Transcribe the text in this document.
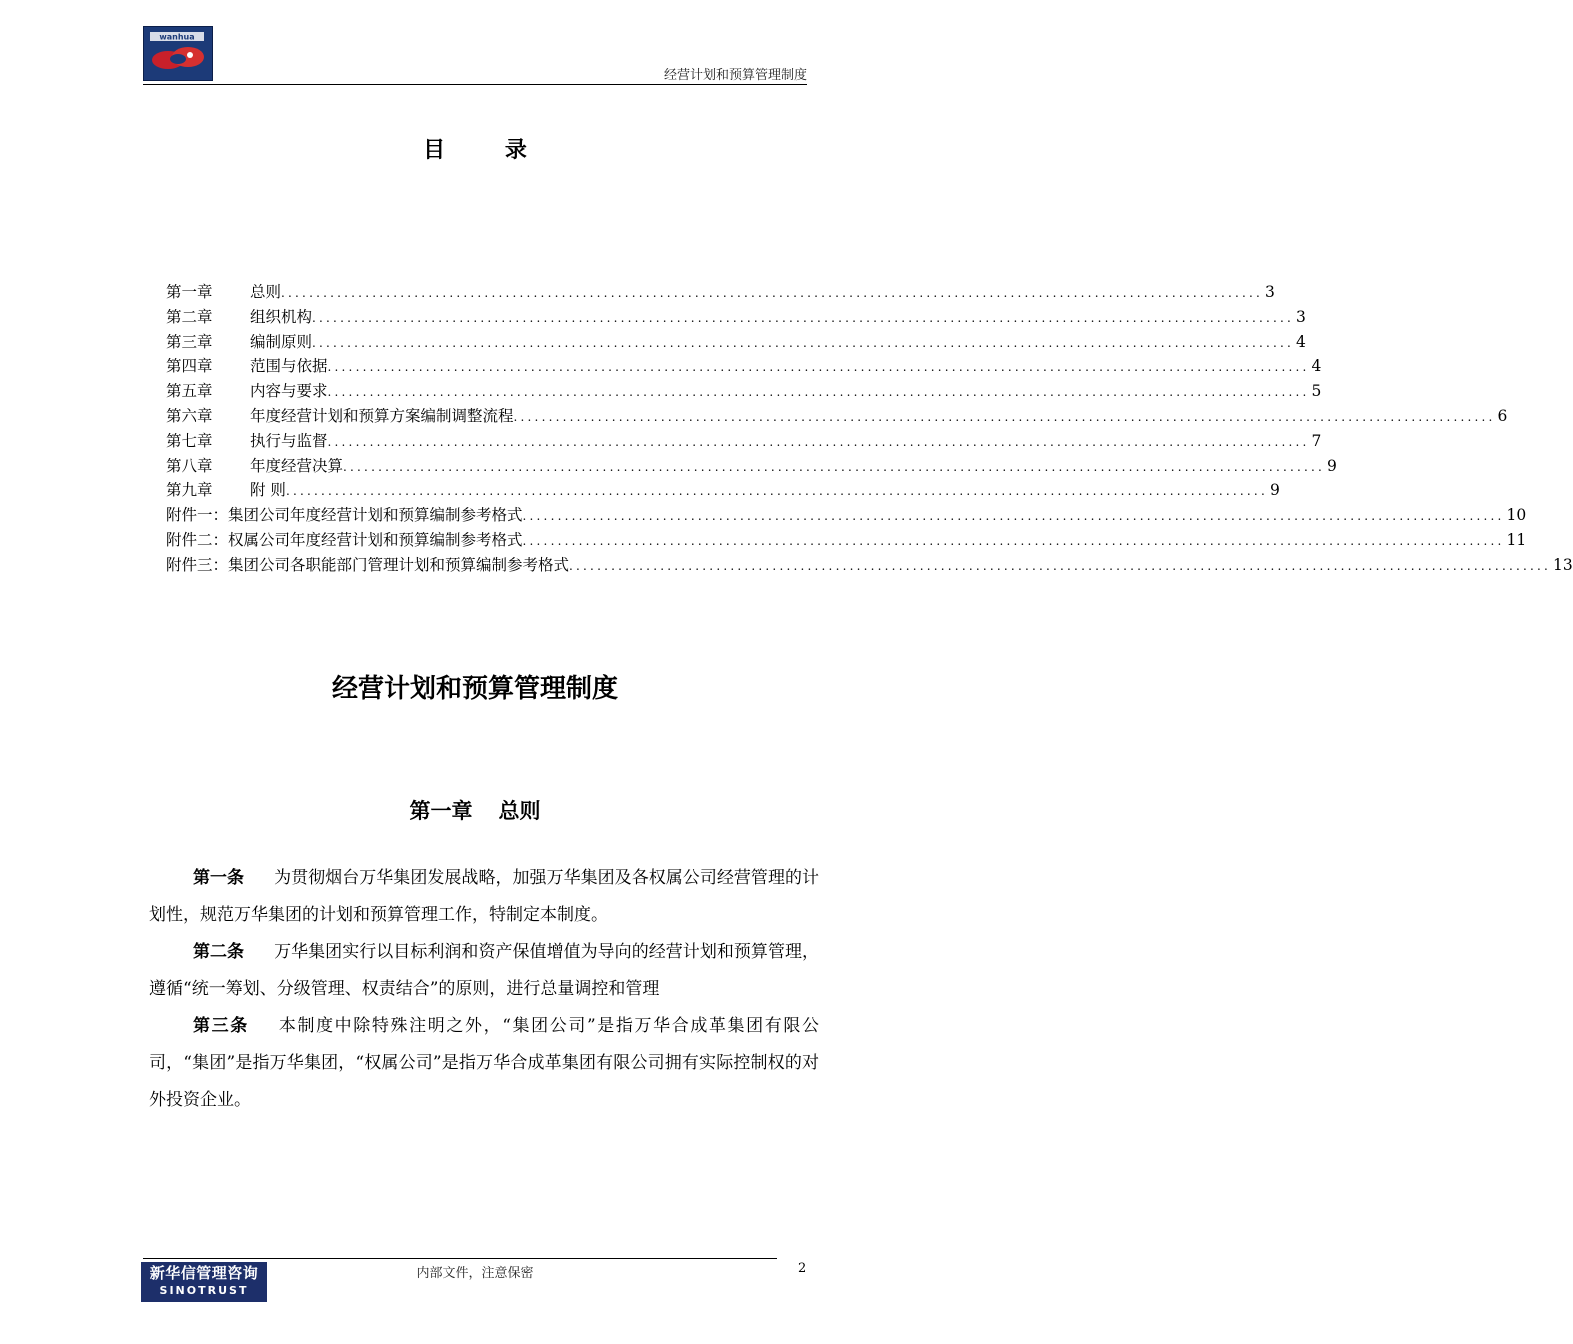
wanhua
经营计划和预算管理制度
目 录
第一章	总则 ............................................................................................................................................ 3
第二章	组织机构 ............................................................................................................................................ 3
第三章	编制原则 ............................................................................................................................................ 4
第四章	范围与依据 ............................................................................................................................................ 4
第五章	内容与要求 ............................................................................................................................................ 5
第六章	年度经营计划和预算方案编制调整流程 ............................................................................................................................................ 6
第七章	执行与监督 ............................................................................................................................................ 7
第八章	年度经营决算 ............................................................................................................................................ 9
第九章	附 则 ............................................................................................................................................ 9
附件一：集团公司年度经营计划和预算编制参考格式 ............................................................................................................................................ 10
附件二：权属公司年度经营计划和预算编制参考格式 ............................................................................................................................................ 11
附件三：集团公司各职能部门管理计划和预算编制参考格式 ............................................................................................................................................ 13
经营计划和预算管理制度
第一章 总则

第一条 为贯彻烟台万华集团发展战略，加强万华集团及各权属公司经营管理的计划性，规范万华集团的计划和预算管理工作，特制定本制度。

第二条 万华集团实行以目标利润和资产保值增值为导向的经营计划和预算管理，遵循“统一筹划、分级管理、权责结合”的原则，进行总量调控和管理

第三条 本制度中除特殊注明之外，“集团公司”是指万华合成革集团有限公司，“集团”是指万华集团，“权属公司”是指万华合成革集团有限公司拥有实际控制权的对外投资企业。

新华信管理咨询
SINOTRUST
内部文件，注意保密	2
